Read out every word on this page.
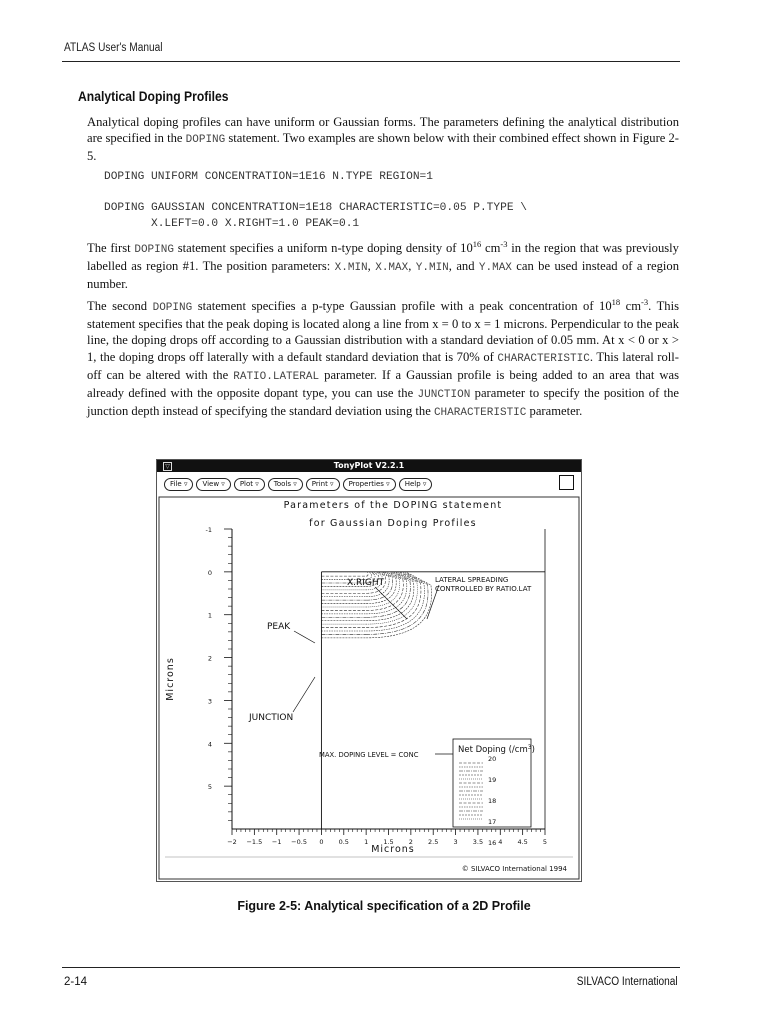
ATLAS User's Manual
Analytical Doping Profiles

Analytical doping profiles can have uniform or Gaussian forms. The parameters defining the analytical distribution are specified in the DOPING statement. Two examples are shown below with their combined effect shown in Figure 2-5.

DOPING UNIFORM CONCENTRATION=1E16 N.TYPE REGION=1
DOPING GAUSSIAN CONCENTRATION=1E18 CHARACTERISTIC=0.05 P.TYPE \
X.LEFT=0.0 X.RIGHT=1.0 PEAK=0.1

The first DOPING statement specifies a uniform n-type doping density of $10^{16}$ $cm^{-3}$ in the region that was previously labelled as region #1. The position parameters: X.MIN, X.MAX, Y.MIN, and Y.MAX can be used instead of a region number.

The second DOPING statement specifies a p-type Gaussian profile with a peak concentration of $10^{18}$ $cm^{-3}$. This statement specifies that the peak doping is located along a line from x = 0 to x = 1 microns. Perpendicular to the peak line, the doping drops off according to a Gaussian distribution with a standard deviation of 0.05 mm. At x < 0 or x > 1, the doping drops off laterally with a default standard deviation that is 70% of CHARACTERISTIC. This lateral roll-off can be altered with the RATIO.LATERAL parameter. If a Gaussian profile is being added to an area that was already defined with the opposite dopant type, you can use the JUNCTION parameter to specify the position of the junction depth instead of specifying the standard deviation using the CHARACTERISTIC parameter.

▽	TonyPlot V2.2.1
File ▿	View ▿	Plot ▿	Tools ▿	Print ▿	Properties ▿	Help ▿
© SILVACO International 1994
Parameters of the DOPING statement
for Gaussian Doping Profiles
Microns
Microns
-1
0
1
2
3
4
5
−2 −1.5 −1 −0.5 0 0.5 1 1.5 2 2.5 3 3.5 4 4.5 5
X.RIGHT	LATERAL SPREADING
CONTROLLED BY RATIO.LAT
PEAK
JUNCTION
MAX. DOPING LEVEL = CONC	Net Doping $(/cm^3)$
20
19
18
17
16
Figure 2-5: Analytical specification of a 2D Profile
2-14	SILVACO International
